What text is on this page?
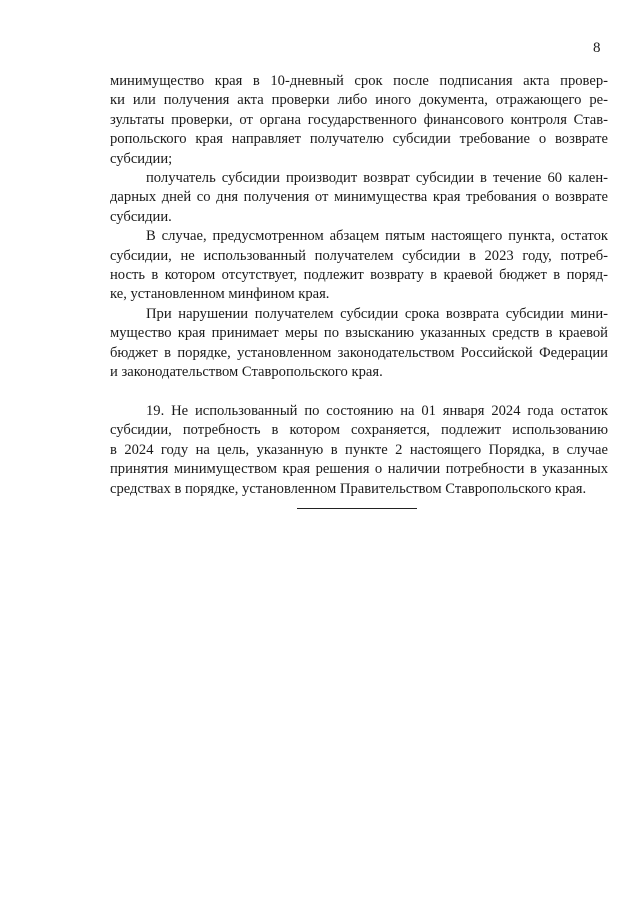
8

минимущество края в 10-дневный срок после подписания акта провер-
ки или получения акта проверки либо иного документа, отражающего ре-
зультаты проверки, от органа государственного финансового контроля Став-
ропольского края направляет получателю субсидии требование о возврате
субсидии;

получатель субсидии производит возврат субсидии в течение 60 кален-
дарных дней со дня получения от минимущества края требования о возврате
субсидии.

В случае, предусмотренном абзацем пятым настоящего пункта, остаток
субсидии, не использованный получателем субсидии в 2023 году, потреб-
ность в котором отсутствует, подлежит возврату в краевой бюджет в поряд-
ке, установленном минфином края.

При нарушении получателем субсидии срока возврата субсидии мини-
мущество края принимает меры по взысканию указанных средств в краевой
бюджет в порядке, установленном законодательством Российской Федерации
и законодательством Ставропольского края.

19. Не использованный по состоянию на 01 января 2024 года остаток
субсидии, потребность в котором сохраняется, подлежит использованию
в 2024 году на цель, указанную в пункте 2 настоящего Порядка, в случае
принятия минимуществом края решения о наличии потребности в указанных
средствах в порядке, установленном Правительством Ставропольского края.
